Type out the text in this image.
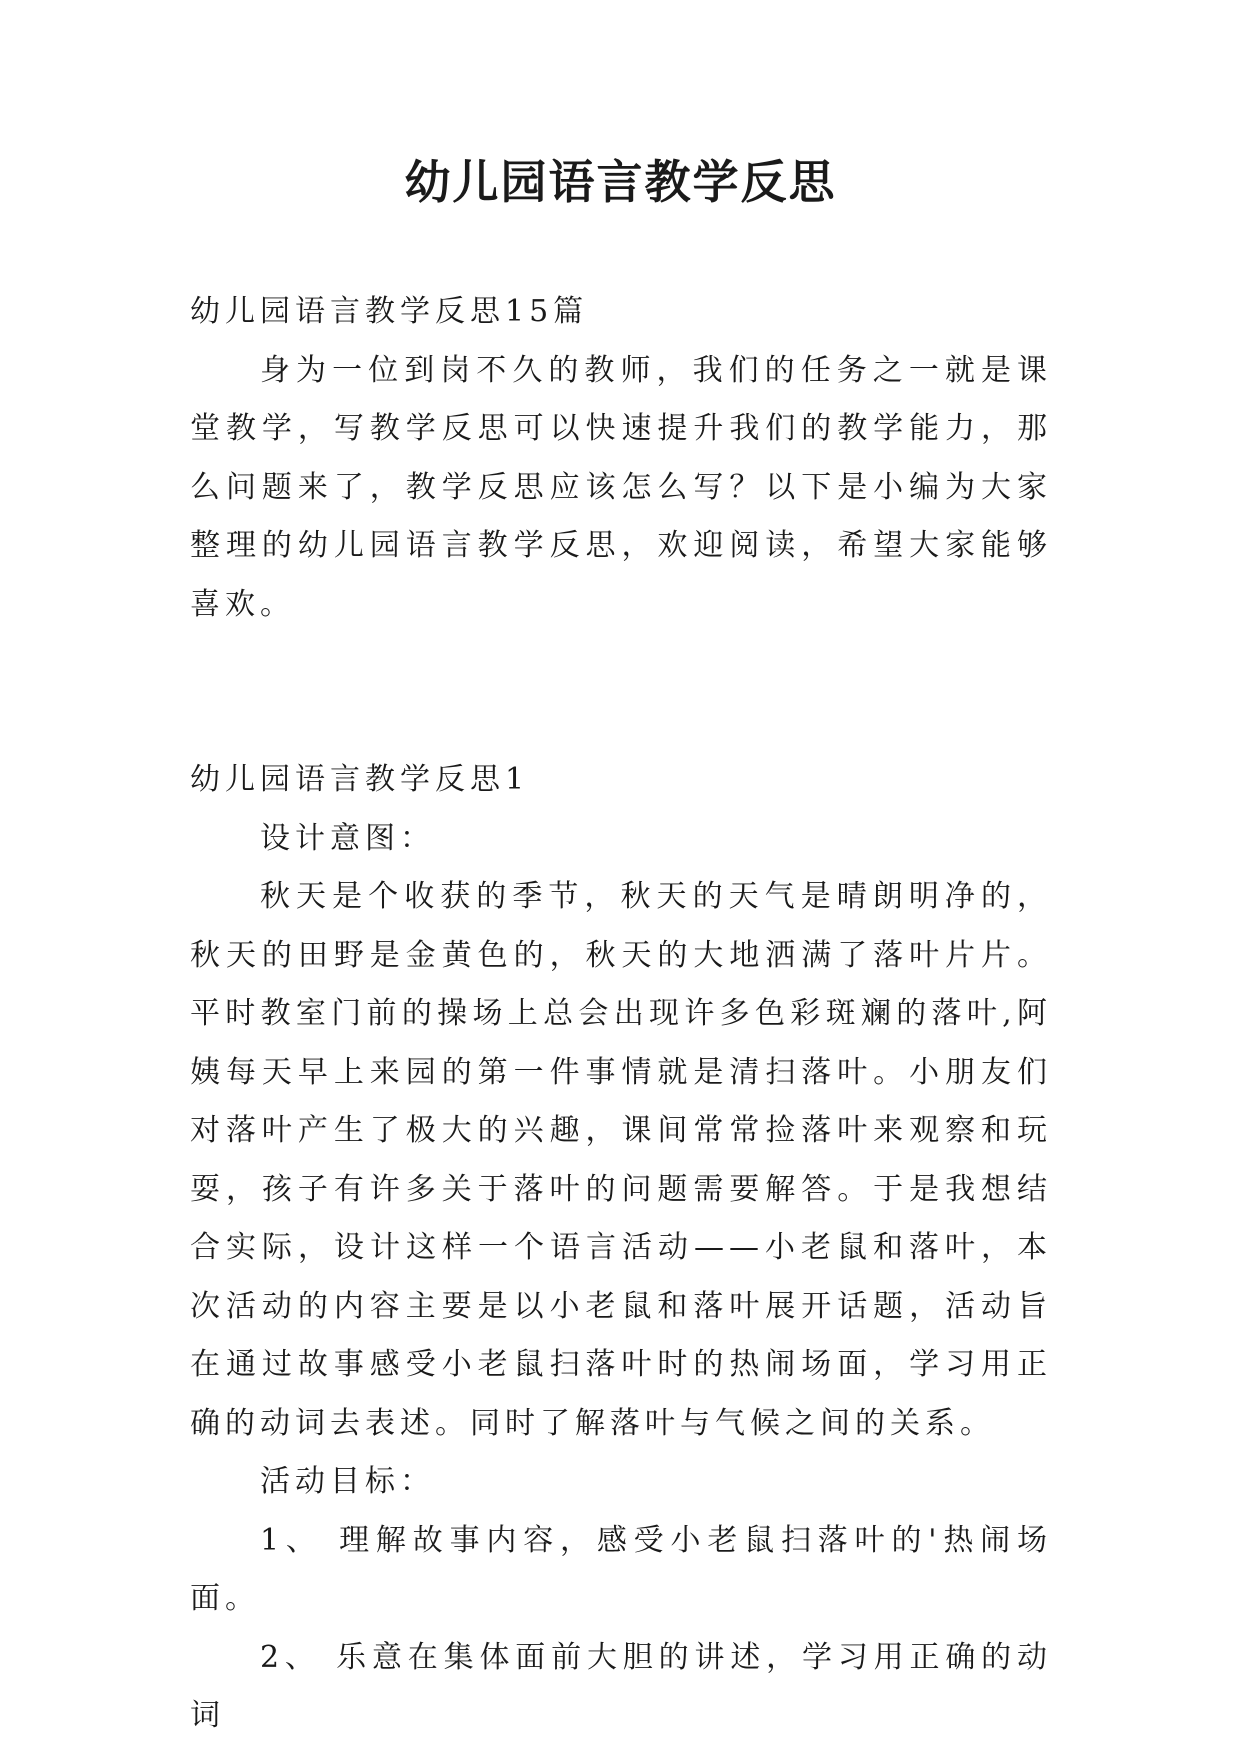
幼儿园语言教学反思

幼儿园语言教学反思15篇

身为一位到岗不久的教师，我们的任务之一就是课堂教学，写教学反思可以快速提升我们的教学能力，那么问题来了，教学反思应该怎么写？以下是小编为大家整理的幼儿园语言教学反思，欢迎阅读，希望大家能够喜欢。

幼儿园语言教学反思1

设计意图：

秋天是个收获的季节，秋天的天气是晴朗明净的，秋天的田野是金黄色的，秋天的大地洒满了落叶片片。平时教室门前的操场上总会出现许多色彩斑斓的落叶,阿姨每天早上来园的第一件事情就是清扫落叶。小朋友们对落叶产生了极大的兴趣，课间常常捡落叶来观察和玩耍，孩子有许多关于落叶的问题需要解答。于是我想结合实际，设计这样一个语言活动——小老鼠和落叶，本次活动的内容主要是以小老鼠和落叶展开话题，活动旨在通过故事感受小老鼠扫落叶时的热闹场面，学习用正确的动词去表述。同时了解落叶与气候之间的关系。

活动目标：

1、 理解故事内容，感受小老鼠扫落叶的'热闹场面。

2、 乐意在集体面前大胆的讲述，学习用正确的动词
